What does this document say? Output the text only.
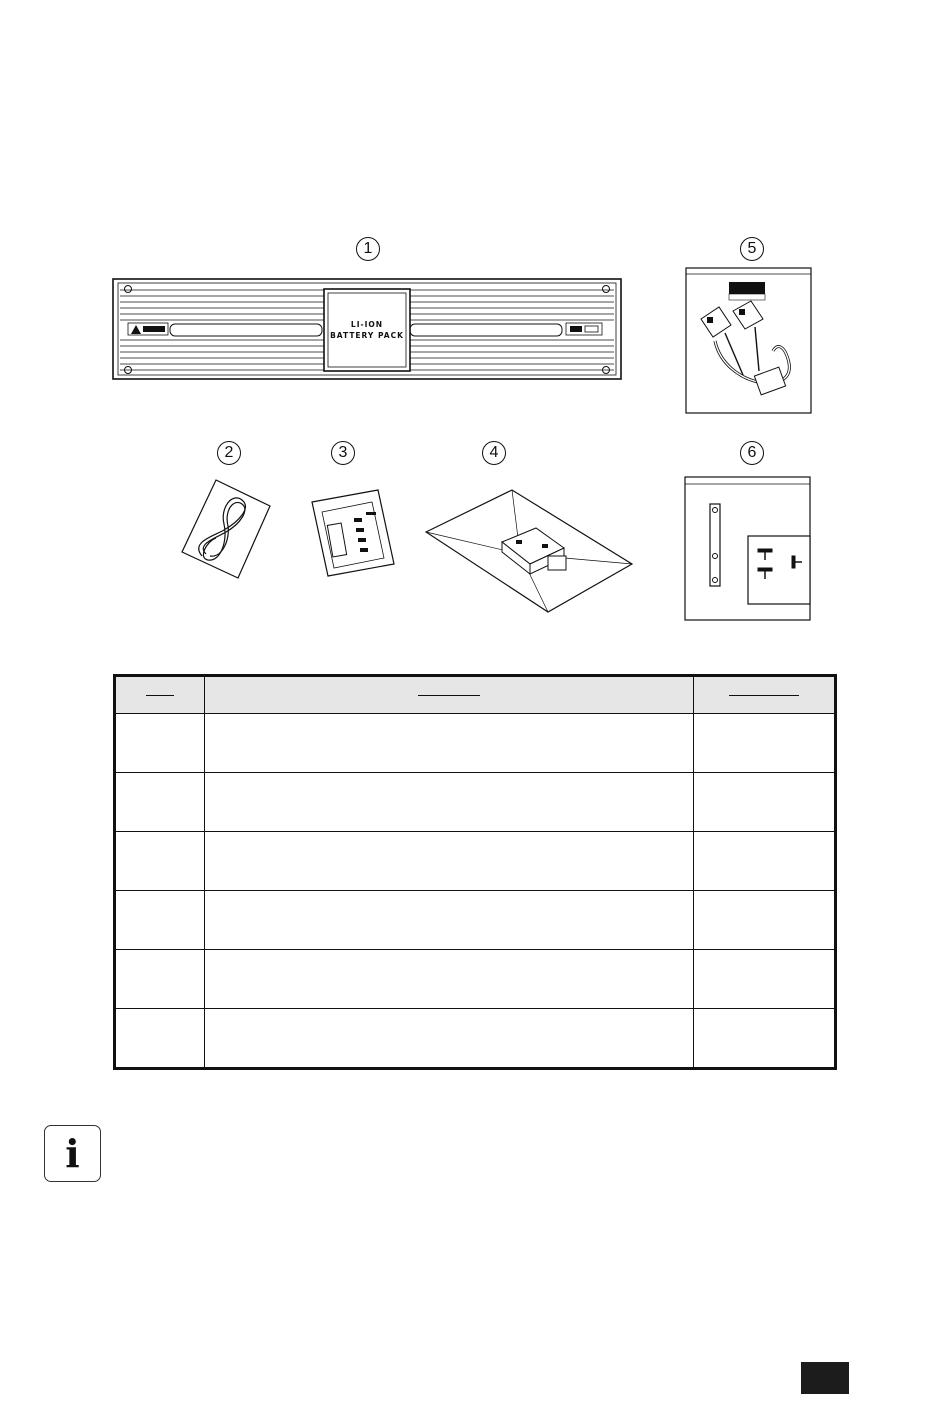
1	5
2	3	4	6
LI-ION
BATTERY PACK

i
